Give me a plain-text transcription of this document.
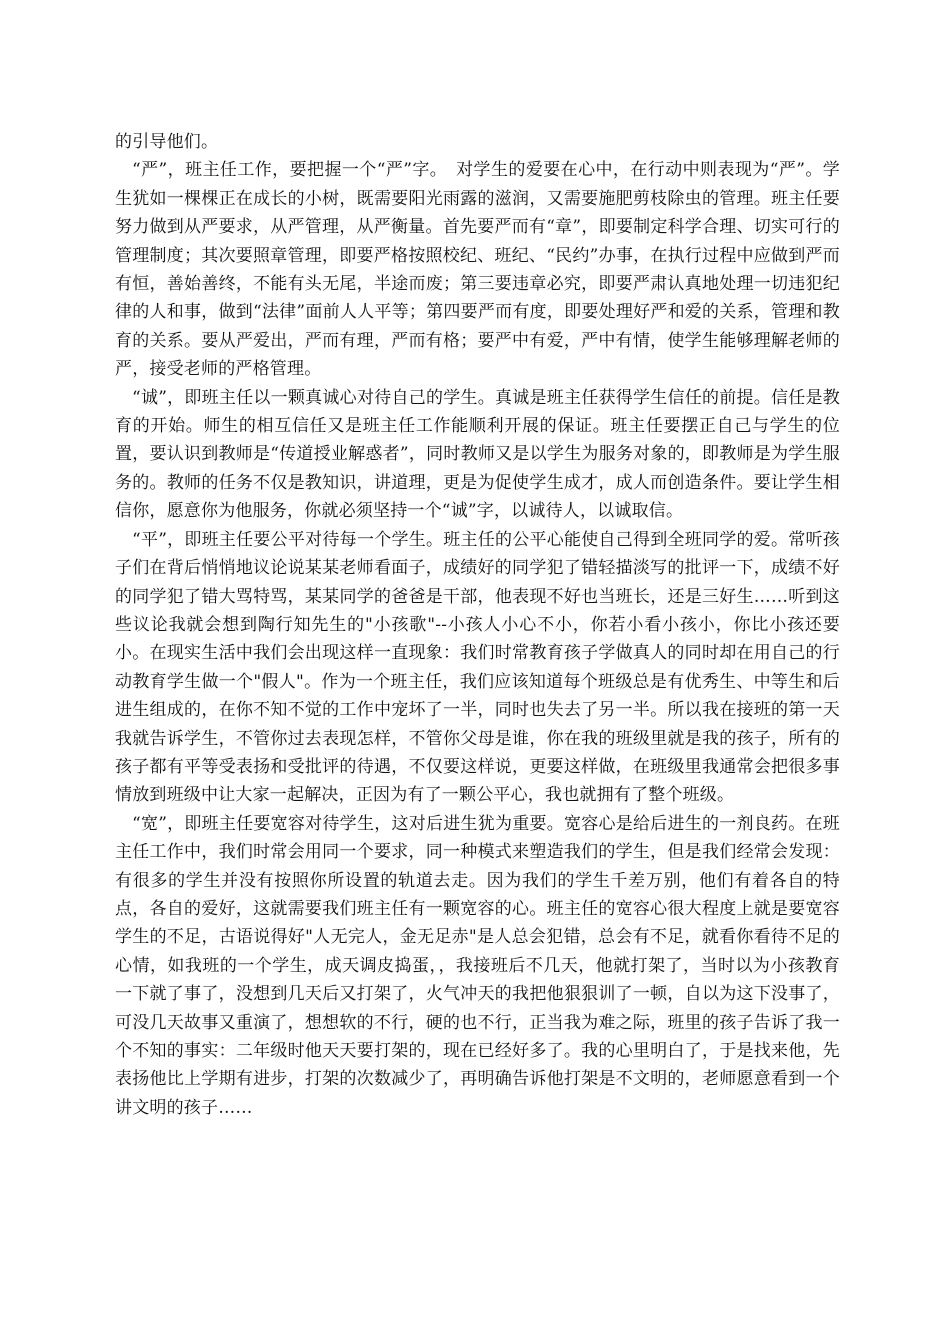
的引导他们。

“严”，班主任工作，要把握一个“严”字。　对学生的爱要在心中，在行动中则表现为“严”。学生犹如一棵棵正在成长的小树，既需要阳光雨露的滋润，又需要施肥剪枝除虫的管理。班主任要努力做到从严要求，从严管理，从严衡量。首先要严而有“章”，即要制定科学合理、切实可行的管理制度；其次要照章管理，即要严格按照校纪、班纪、“民约”办事，在执行过程中应做到严而有恒，善始善终，不能有头无尾，半途而废；第三要违章必究，即要严肃认真地处理一切违犯纪律的人和事，做到“法律”面前人人平等；第四要严而有度，即要处理好严和爱的关系，管理和教育的关系。要从严爱出，严而有理，严而有格；要严中有爱，严中有情，使学生能够理解老师的严，接受老师的严格管理。

“诚”，即班主任以一颗真诚心对待自己的学生。真诚是班主任获得学生信任的前提。信任是教育的开始。师生的相互信任又是班主任工作能顺利开展的保证。班主任要摆正自己与学生的位置，要认识到教师是“传道授业解惑者”，同时教师又是以学生为服务对象的，即教师是为学生服务的。教师的任务不仅是教知识，讲道理，更是为促使学生成才，成人而创造条件。要让学生相信你，愿意你为他服务，你就必须坚持一个“诚”字，以诚待人，以诚取信。

“平”，即班主任要公平对待每一个学生。班主任的公平心能使自己得到全班同学的爱。常听孩子们在背后悄悄地议论说某某老师看面子，成绩好的同学犯了错轻描淡写的批评一下，成绩不好的同学犯了错大骂特骂，某某同学的爸爸是干部，他表现不好也当班长，还是三好生……听到这些议论我就会想到陶行知先生的"小孩歌"--小孩人小心不小，你若小看小孩小，你比小孩还要小。在现实生活中我们会出现这样一直现象：我们时常教育孩子学做真人的同时却在用自己的行动教育学生做一个"假人"。作为一个班主任，我们应该知道每个班级总是有优秀生、中等生和后进生组成的，在你不知不觉的工作中宠坏了一半，同时也失去了另一半。所以我在接班的第一天我就告诉学生，不管你过去表现怎样，不管你父母是谁，你在我的班级里就是我的孩子，所有的孩子都有平等受表扬和受批评的待遇，不仅要这样说，更要这样做，在班级里我通常会把很多事情放到班级中让大家一起解决，正因为有了一颗公平心，我也就拥有了整个班级。

“宽”，即班主任要宽容对待学生，这对后进生犹为重要。宽容心是给后进生的一剂良药。在班主任工作中，我们时常会用同一个要求，同一种模式来塑造我们的学生，但是我们经常会发现：有很多的学生并没有按照你所设置的轨道去走。因为我们的学生千差万别，他们有着各自的特点，各自的爱好，这就需要我们班主任有一颗宽容的心。班主任的宽容心很大程度上就是要宽容学生的不足，古语说得好"人无完人，金无足赤"是人总会犯错，总会有不足，就看你看待不足的心情，如我班的一个学生，成天调皮捣蛋，，我接班后不几天，他就打架了，当时以为小孩教育一下就了事了，没想到几天后又打架了，火气冲天的我把他狠狠训了一顿，自以为这下没事了，可没几天故事又重演了，想想软的不行，硬的也不行，正当我为难之际，班里的孩子告诉了我一个不知的事实：二年级时他天天要打架的，现在已经好多了。我的心里明白了，于是找来他，先表扬他比上学期有进步，打架的次数减少了，再明确告诉他打架是不文明的，老师愿意看到一个讲文明的孩子……
